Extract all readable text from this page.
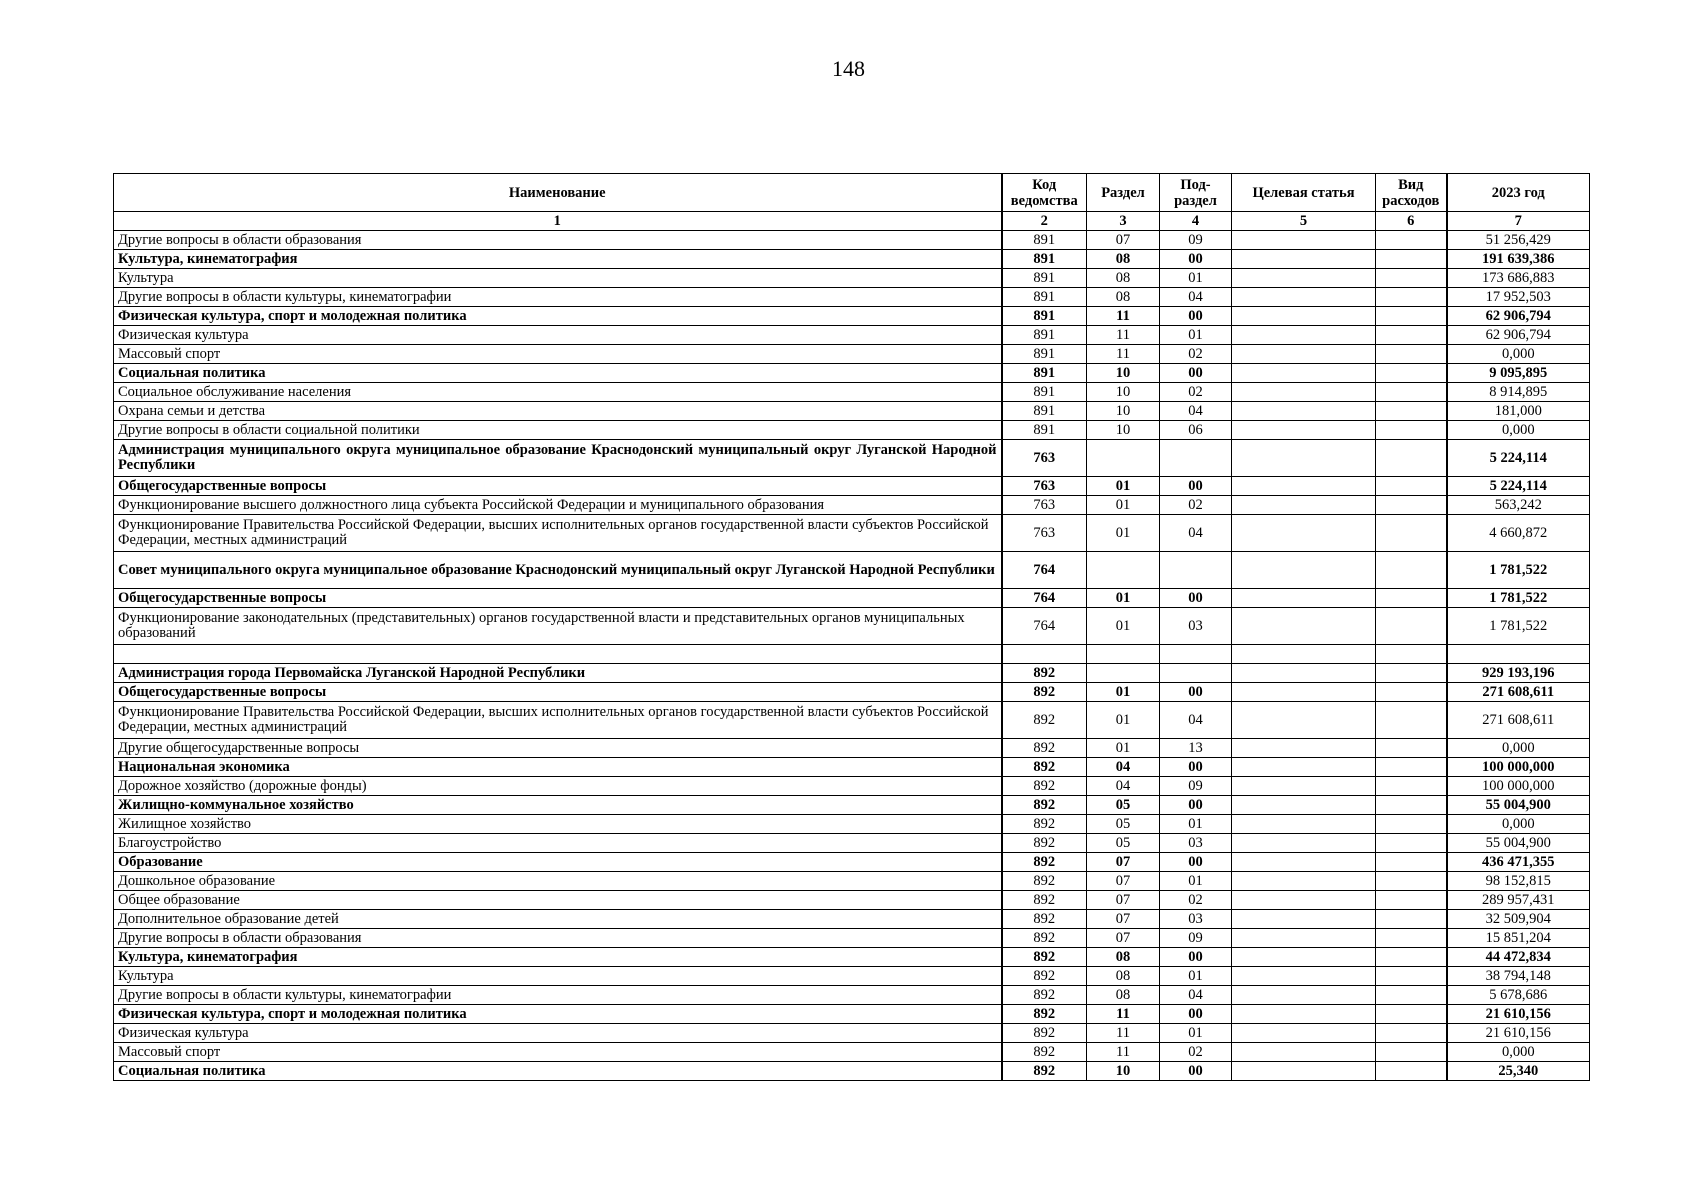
148
Наименование	Код ведомства	Раздел	Под-раздел	Целевая статья	Вид расходов	2023 год
1	2	3	4	5	6	7
Другие вопросы в области образования	891	07	09			51 256,429
Культура, кинематография	891	08	00			191 639,386
Культура	891	08	01			173 686,883
Другие вопросы в области культуры, кинематографии	891	08	04			17 952,503
Физическая культура, спорт и молодежная политика	891	11	00			62 906,794
Физическая культура	891	11	01			62 906,794
Массовый спорт	891	11	02			0,000
Социальная политика	891	10	00			9 095,895
Социальное обслуживание населения	891	10	02			8 914,895
Охрана семьи и детства	891	10	04			181,000
Другие вопросы в области социальной политики	891	10	06			0,000
Администрация муниципального округа муниципальное образование Краснодонский муниципальный округ Луганской Народной Республики	763					5 224,114
Общегосударственные вопросы	763	01	00			5 224,114
Функционирование высшего должностного лица субъекта Российской Федерации и муниципального образования	763	01	02			563,242
Функционирование Правительства Российской Федерации, высших исполнительных органов государственной власти субъектов Российской Федерации, местных администраций	763	01	04			4 660,872
Совет муниципального округа муниципальное образование Краснодонский муниципальный округ Луганской Народной Республики	764					1 781,522
Общегосударственные вопросы	764	01	00			1 781,522
Функционирование законодательных (представительных) органов государственной власти и представительных органов муниципальных образований	764	01	03			1 781,522

Администрация города Первомайска Луганской Народной Республики	892					929 193,196
Общегосударственные вопросы	892	01	00			271 608,611
Функционирование Правительства Российской Федерации, высших исполнительных органов государственной власти субъектов Российской Федерации, местных администраций	892	01	04			271 608,611
Другие общегосударственные вопросы	892	01	13			0,000
Национальная экономика	892	04	00			100 000,000
Дорожное хозяйство (дорожные фонды)	892	04	09			100 000,000
Жилищно-коммунальное хозяйство	892	05	00			55 004,900
Жилищное хозяйство	892	05	01			0,000
Благоустройство	892	05	03			55 004,900
Образование	892	07	00			436 471,355
Дошкольное образование	892	07	01			98 152,815
Общее образование	892	07	02			289 957,431
Дополнительное образование детей	892	07	03			32 509,904
Другие вопросы в области образования	892	07	09			15 851,204
Культура, кинематография	892	08	00			44 472,834
Культура	892	08	01			38 794,148
Другие вопросы в области культуры, кинематографии	892	08	04			5 678,686
Физическая культура, спорт и молодежная политика	892	11	00			21 610,156
Физическая культура	892	11	01			21 610,156
Массовый спорт	892	11	02			0,000
Социальная политика	892	10	00			25,340
